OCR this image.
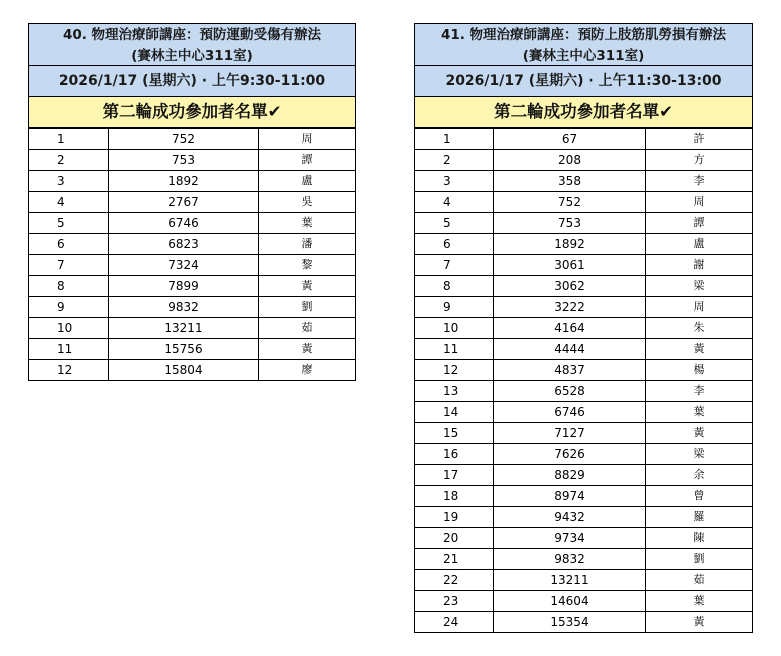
40. 物理治療師講座：預防運動受傷有辦法
(賽林主中心311室)
2026/1/17 (星期六) · 上午9:30-11:00
第二輪成功參加者名單✔
1	752	周
2	753	譚
3	1892	盧
4	2767	吳
5	6746	葉
6	6823	潘
7	7324	黎
8	7899	黃
9	9832	劉
10	13211	茹
11	15756	黃
12	15804	廖
41. 物理治療師講座：預防上肢筋肌勞損有辦法
(賽林主中心311室)
2026/1/17 (星期六) · 上午11:30-13:00
第二輪成功參加者名單✔
1	67	許
2	208	方
3	358	李
4	752	周
5	753	譚
6	1892	盧
7	3061	謝
8	3062	梁
9	3222	周
10	4164	朱
11	4444	黃
12	4837	楊
13	6528	李
14	6746	葉
15	7127	黃
16	7626	梁
17	8829	余
18	8974	曾
19	9432	羅
20	9734	陳
21	9832	劉
22	13211	茹
23	14604	葉
24	15354	黃
